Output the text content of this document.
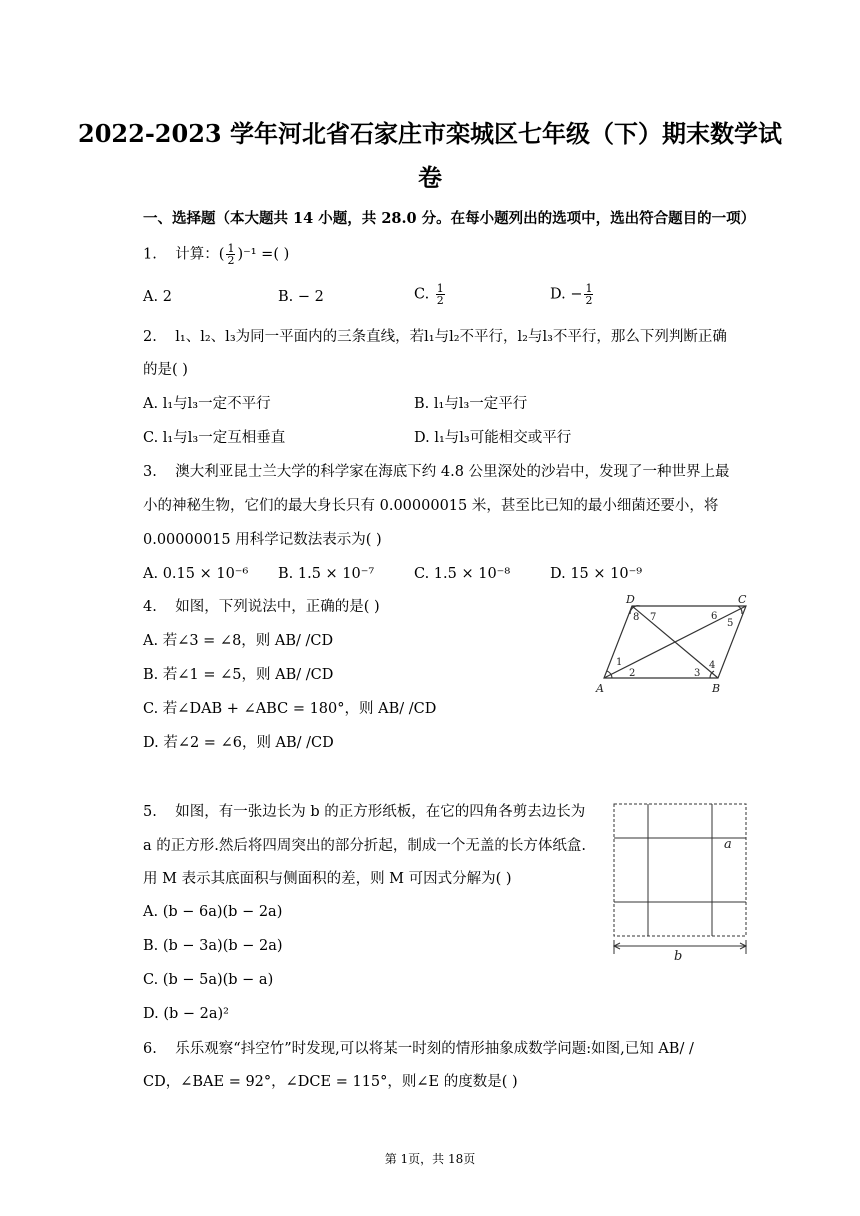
2022-2023 学年河北省石家庄市栾城区七年级（下）期末数学试
卷
一、选择题（本大题共 14 小题，共 28.0 分。在每小题列出的选项中，选出符合题目的一项）
1. 计算：( $\frac{1}{2} )^{-1}$ =( )
A. 2	B. − 2	C. $\frac{1}{2}$	D. − $\frac{1}{2}$
2. l₁、l₂、l₃为同一平面内的三条直线，若l₁与l₂不平行，l₂与l₃不平行，那么下列判断正确
的是( )
A. l₁与l₃一定不平行	B. l₁与l₃一定平行
C. l₁与l₃一定互相垂直	D. l₁与l₃可能相交或平行
3. 澳大利亚昆士兰大学的科学家在海底下约 4.8 公里深处的沙岩中，发现了一种世界上最
小的神秘生物，它们的最大身长只有 0.00000015 米，甚至比已知的最小细菌还要小，将
0.00000015 用科学记数法表示为( )
A. 0.15 × 10⁻⁶ B. 1.5 × 10⁻⁷	C. 1.5 × 10⁻⁸	D. 15 × 10⁻⁹
4. 如图，下列说法中，正确的是( )
A. 若∠3 = ∠8，则 AB/ /CD
B. 若∠1 = ∠5，则 AB/ /CD
C. 若∠DAB + ∠ABC = 180°，则 AB/ /CD
D. 若∠2 = ∠6，则 AB/ /CD
D	C
A	B
8 7	6
5
1
2	3
4
5. 如图，有一张边长为 b 的正方形纸板，在它的四角各剪去边长为
a 的正方形.然后将四周突出的部分折起，制成一个无盖的长方体纸盒.
用 M 表示其底面积与侧面积的差，则 M 可因式分解为( )
A. (b − 6a)(b − 2a)
B. (b − 3a)(b − 2a)
C. (b − 5a)(b − a)
D. (b − 2a)²
a
b
6. 乐乐观察“抖空竹”时发现,可以将某一时刻的情形抽象成数学问题:如图,已知 AB/ /
CD，∠BAE = 92°，∠DCE = 115°，则∠E 的度数是( )
第 1页，共 18页
